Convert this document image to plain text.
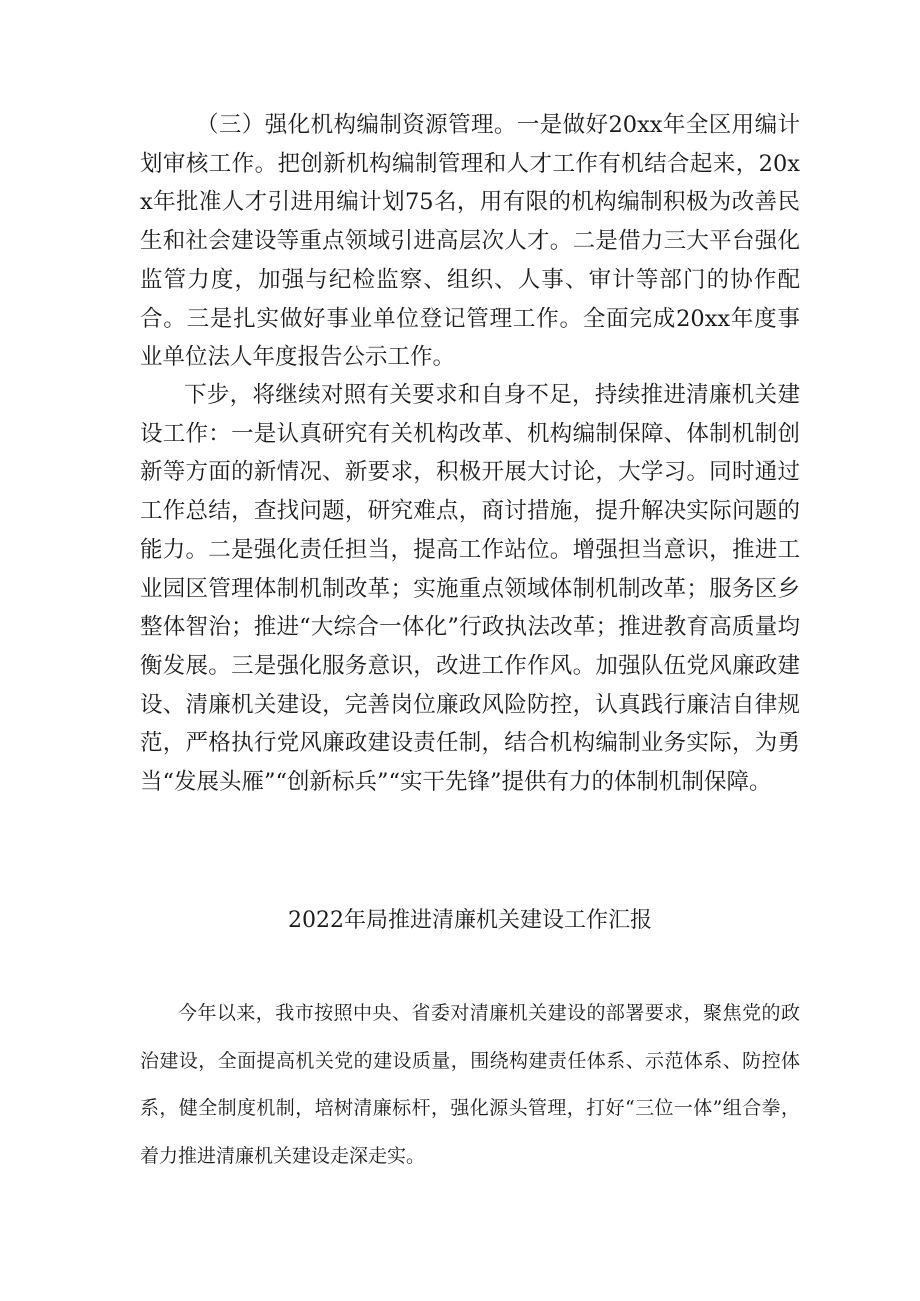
（三）强化机构编制资源管理。一是做好20xx年全区用编计划审核工作。把创新机构编制管理和人才工作有机结合起来，20xx年批准人才引进用编计划75名，用有限的机构编制积极为改善民生和社会建设等重点领域引进高层次人才。二是借力三大平台强化监管力度，加强与纪检监察、组织、人事、审计等部门的协作配合。三是扎实做好事业单位登记管理工作。全面完成20xx年度事业单位法人年度报告公示工作。

下步，将继续对照有关要求和自身不足，持续推进清廉机关建设工作：一是认真研究有关机构改革、机构编制保障、体制机制创新等方面的新情况、新要求，积极开展大讨论，大学习。同时通过工作总结，查找问题，研究难点，商讨措施，提升解决实际问题的能力。二是强化责任担当，提高工作站位。增强担当意识，推进工业园区管理体制机制改革；实施重点领域体制机制改革；服务区乡整体智治；推进“大综合一体化”行政执法改革；推进教育高质量均衡发展。三是强化服务意识，改进工作作风。加强队伍党风廉政建设、清廉机关建设，完善岗位廉政风险防控，认真践行廉洁自律规范，严格执行党风廉政建设责任制，结合机构编制业务实际，为勇当“发展头雁”“创新标兵”“实干先锋”提供有力的体制机制保障。

2022年局推进清廉机关建设工作汇报

今年以来，我市按照中央、省委对清廉机关建设的部署要求，聚焦党的政治建设，全面提高机关党的建设质量，围绕构建责任体系、示范体系、防控体系，健全制度机制，培树清廉标杆，强化源头管理，打好“三位一体”组合拳，着力推进清廉机关建设走深走实。
